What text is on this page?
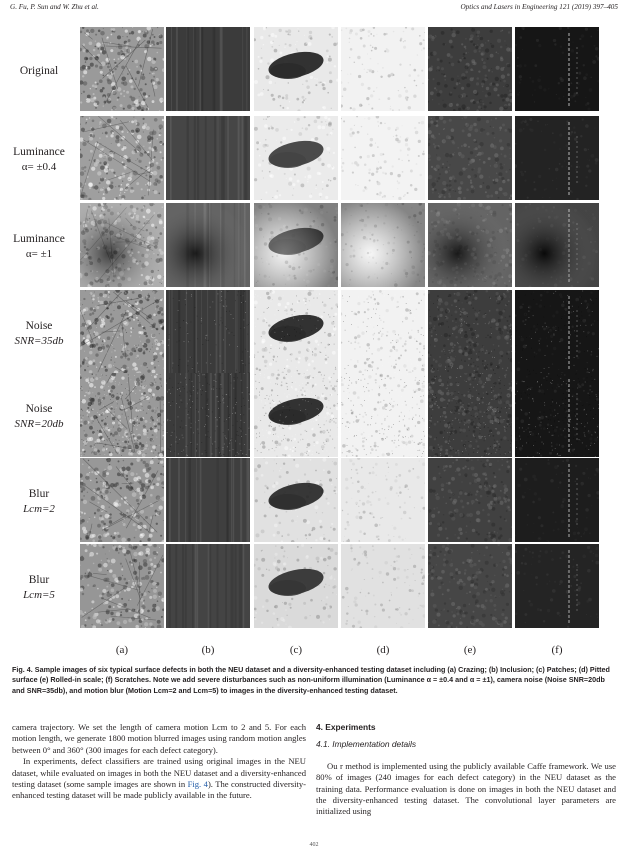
G. Fu, P. Sun and W. Zhu et al.	Optics and Lasers in Engineering 121 (2019) 397–405
Original
Luminance
α= ±0.4
Luminance
α= ±1
Noise
SNR=35db
Noise
SNR=20db
Blur
Lcm=2
Blur
Lcm=5
(a)	(b)	(c)	(d)	(e)	(f)
Fig. 4. Sample images of six typical surface defects in both the NEU dataset and a diversity-enhanced testing dataset including (a) Crazing; (b) Inclusion; (c) Patches; (d) Pitted surface (e) Rolled-in scale; (f) Scratches. Note we add severe disturbances such as non-uniform illumination (Luminance α = ±0.4 and α = ±1), camera noise (Noise SNR=20db and SNR=35db), and motion blur (Motion Lcm=2 and Lcm=5) to images in the diversity-enhanced testing dataset.

camera trajectory. We set the length of camera motion Lcm to 2 and 5. For each motion length, we generate 1800 motion blurred images using random motion angles between 0° and 360° (300 images for each defect category).

In experiments, defect classifiers are trained using original images in the NEU dataset, while evaluated on images in both the NEU dataset and a diversity-enhanced testing dataset (some sample images are shown in Fig. 4). The constructed diversity-enhanced testing dataset will be made publicly available in the future.

4. Experiments
4.1. Implementation details

Ou r method is implemented using the publicly available Caffe framework. We use 80% of images (240 images for each defect category) in the NEU dataset as the training data. Performance evaluation is done on images in both the NEU dataset and the diversity-enhanced testing dataset. The convolutional layer parameters are initialized using

402
